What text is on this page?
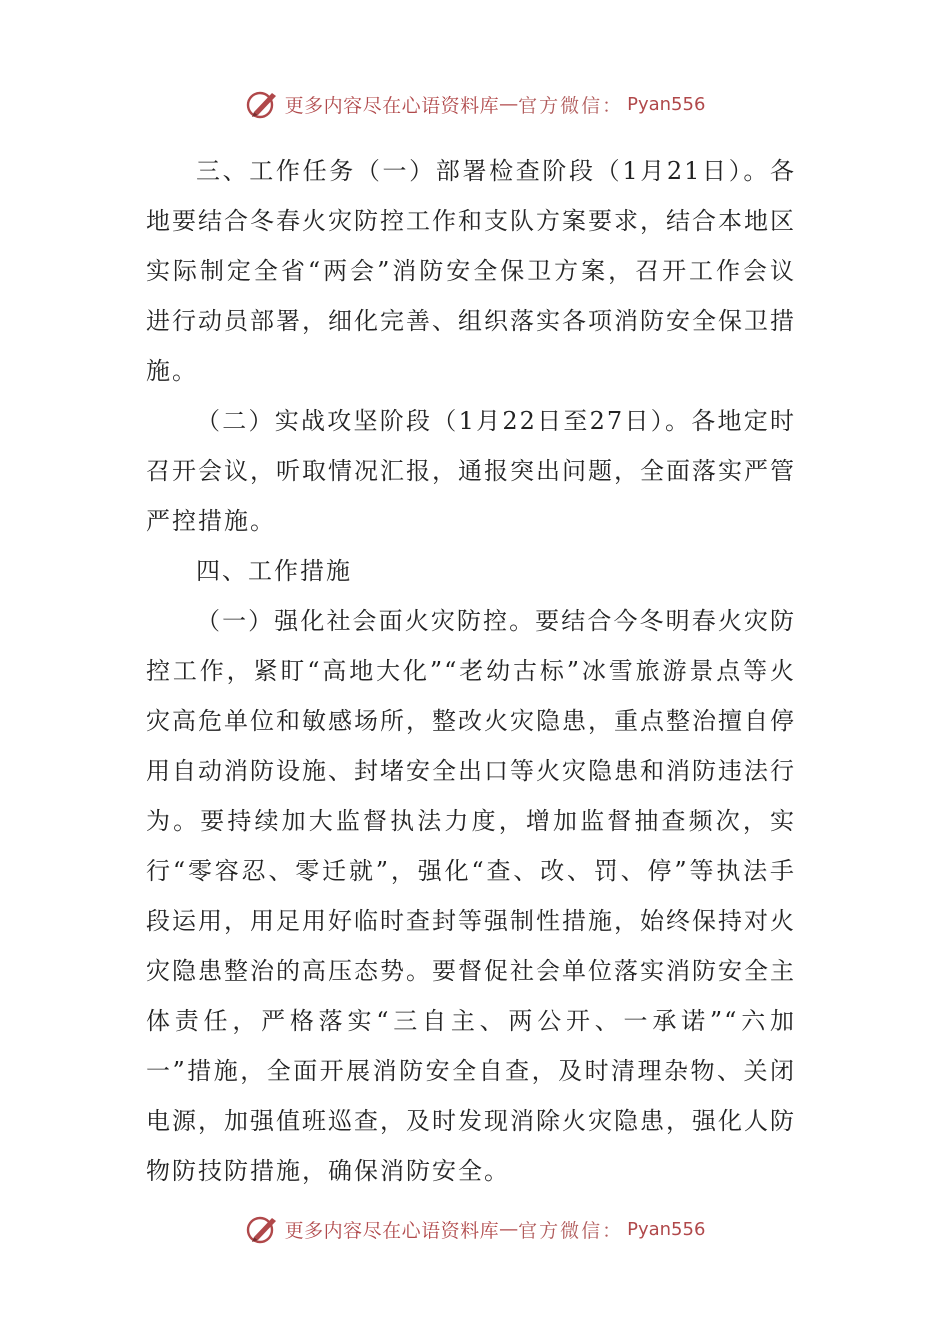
更多内容尽在心语资料库 — 官方微信： Pyan556

三、工作任务（一）部署检查阶段（1月21日）。各地要结合冬春火灾防控工作和支队方案要求，结合本地区实际制定全省“两会”消防安全保卫方案，召开工作会议进行动员部署，细化完善、组织落实各项消防安全保卫措施。

（二）实战攻坚阶段（1月22日至27日）。各地定时召开会议，听取情况汇报，通报突出问题，全面落实严管严控措施。

四、工作措施

（一）强化社会面火灾防控。要结合今冬明春火灾防控工作，紧盯“高地大化”“老幼古标”冰雪旅游景点等火灾高危单位和敏感场所，整改火灾隐患，重点整治擅自停用自动消防设施、封堵安全出口等火灾隐患和消防违法行为。要持续加大监督执法力度，增加监督抽查频次，实行“零容忍、零迁就”，强化“查、改、罚、停”等执法手段运用，用足用好临时查封等强制性措施，始终保持对火灾隐患整治的高压态势。要督促社会单位落实消防安全主体责任，严格落实“三自主、两公开、一承诺”“六加一”措施，全面开展消防安全自查，及时清理杂物、关闭电源，加强值班巡查，及时发现消除火灾隐患，强化人防物防技防措施，确保消防安全。

更多内容尽在心语资料库 — 官方微信： Pyan556
